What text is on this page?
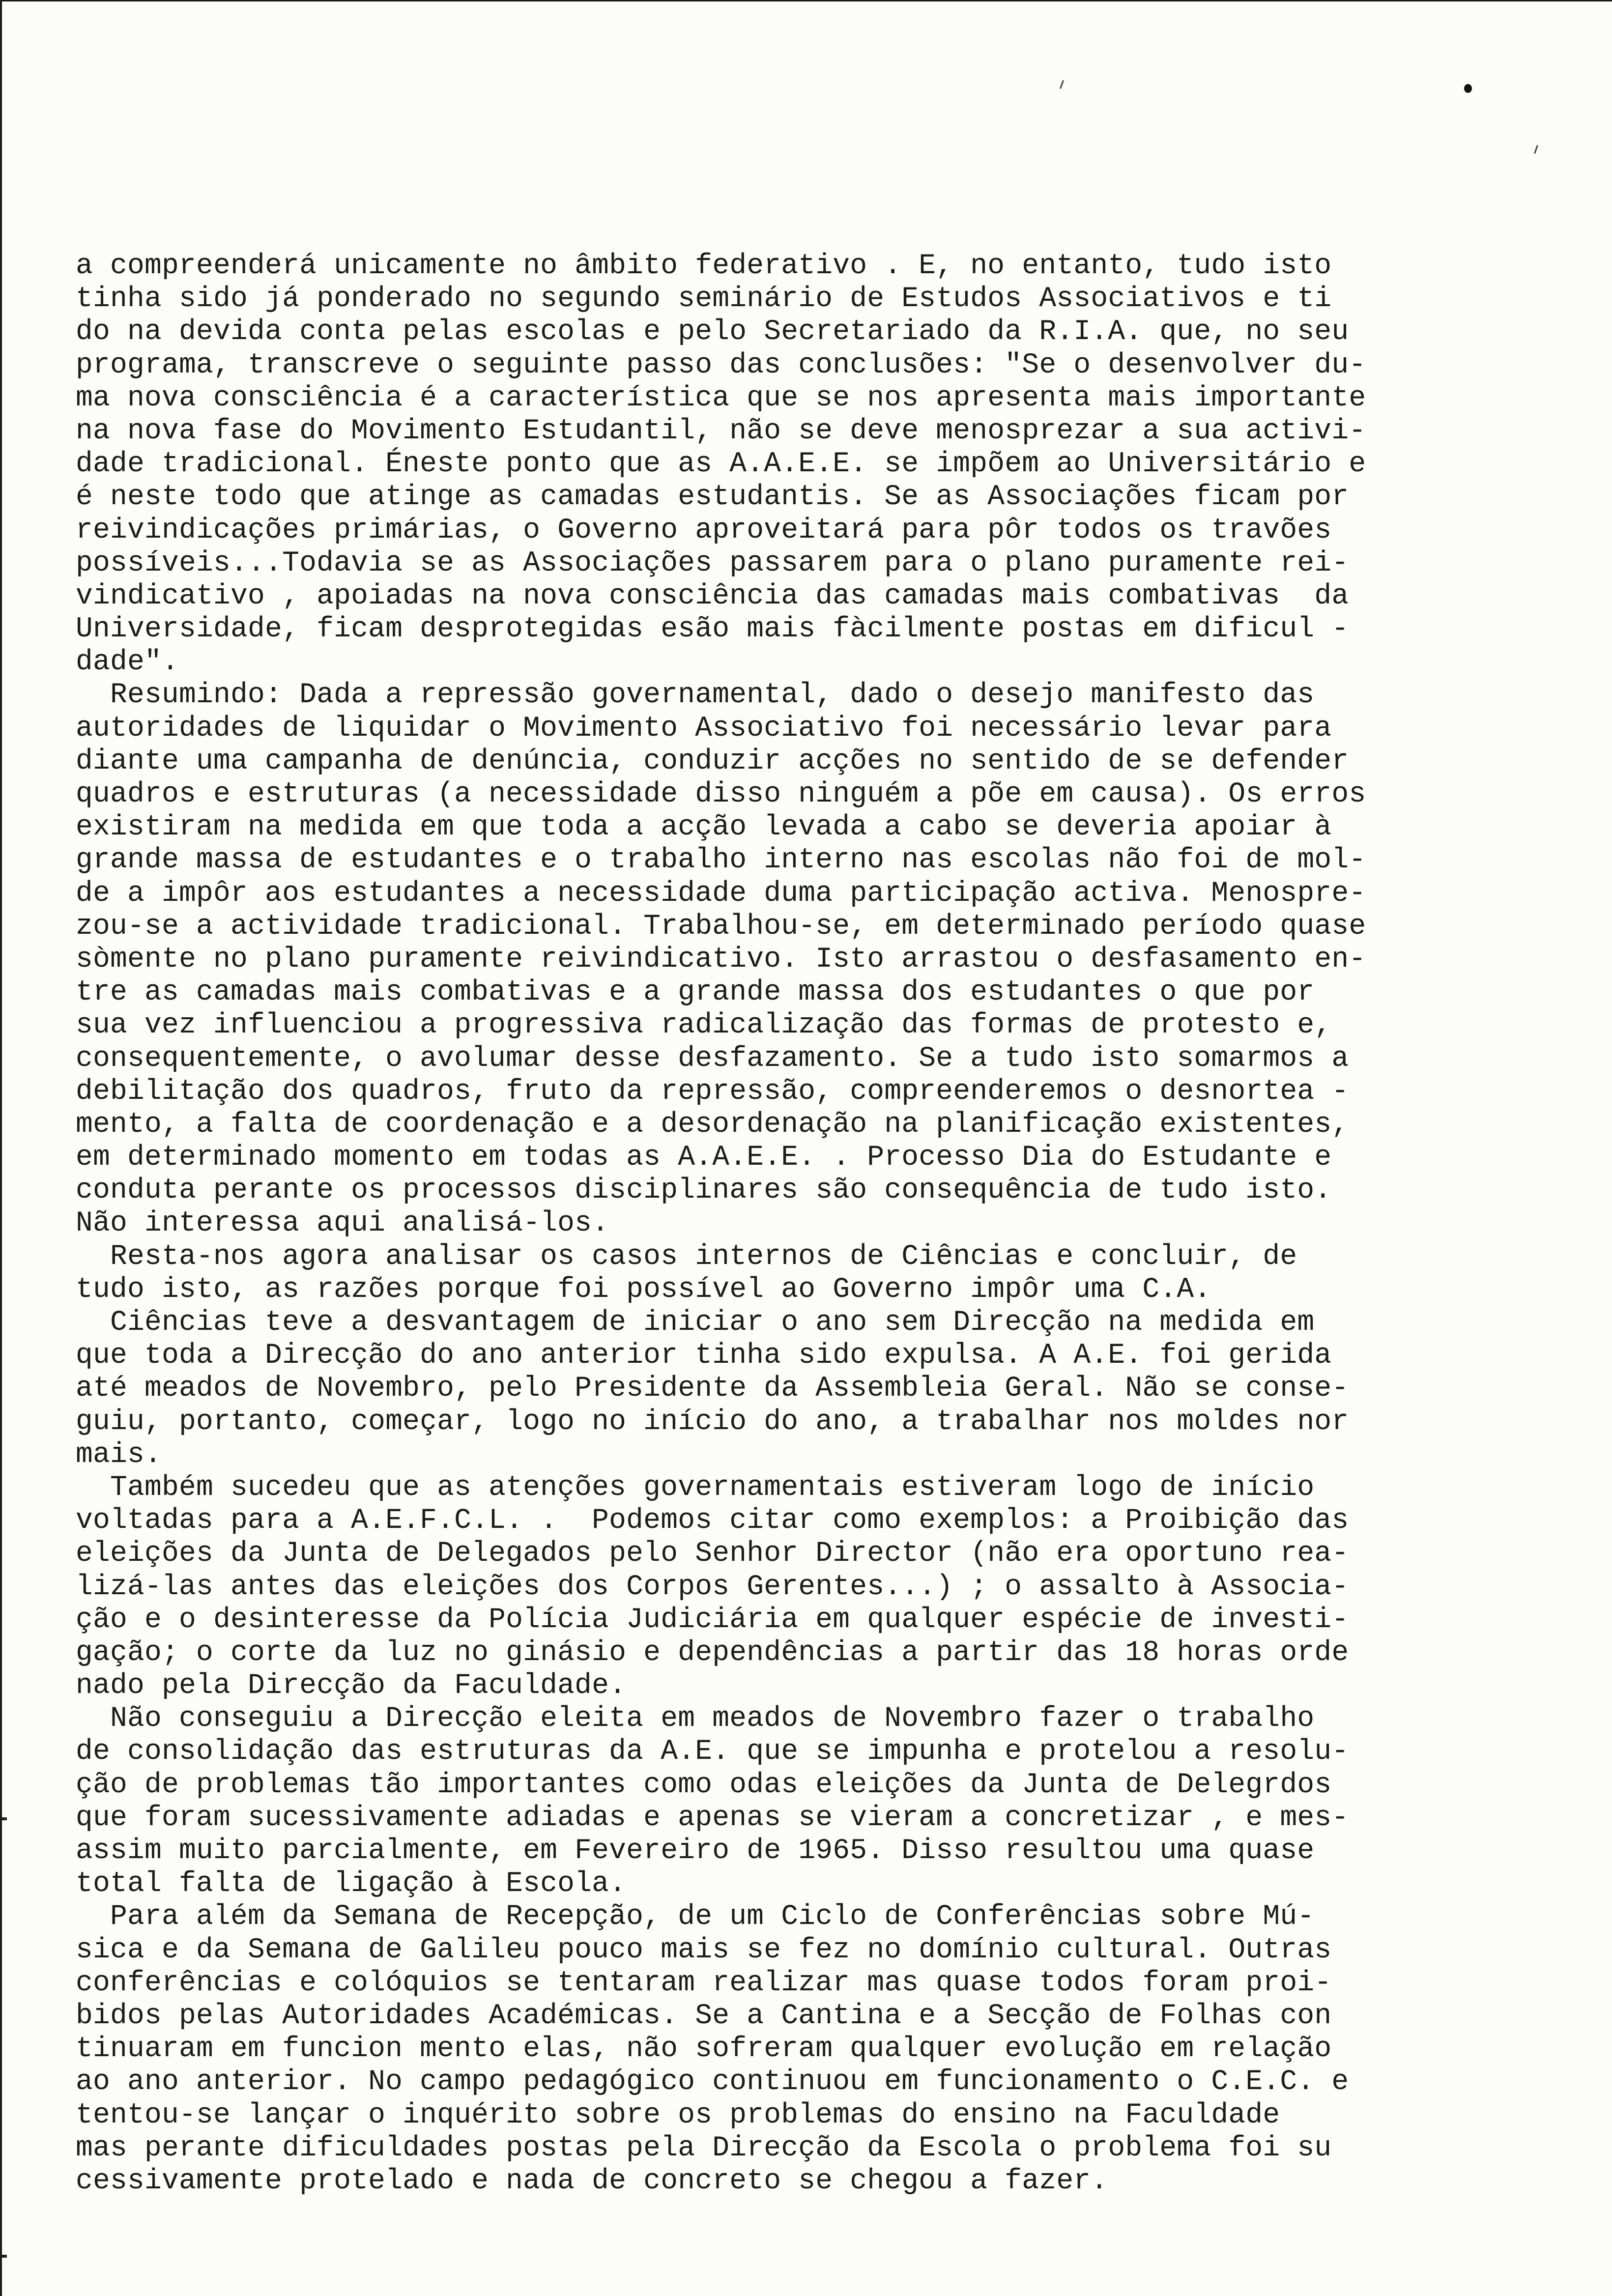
a compreenderá unicamente no âmbito federativo . E, no entanto, tudo isto
tinha sido já ponderado no segundo seminário de Estudos Associativos e ti
do na devida conta pelas escolas e pelo Secretariado da R.I.A. que, no seu
programa, transcreve o seguinte passo das conclusões: "Se o desenvolver du-
ma nova consciência é a característica que se nos apresenta mais importante
na nova fase do Movimento Estudantil, não se deve menosprezar a sua activi-
dade tradicional. Éneste ponto que as A.A.E.E. se impõem ao Universitário e
é neste todo que atinge as camadas estudantis. Se as Associações ficam por
reivindicações primárias, o Governo aproveitará para pôr todos os travões
possíveis...Todavia se as Associações passarem para o plano puramente rei-
vindicativo , apoiadas na nova consciência das camadas mais combativas  da
Universidade, ficam desprotegidas esão mais fàcilmente postas em dificul -
dade".
Resumindo: Dada a repressão governamental, dado o desejo manifesto das
autoridades de liquidar o Movimento Associativo foi necessário levar para
diante uma campanha de denúncia, conduzir acções no sentido de se defender
quadros e estruturas (a necessidade disso ninguém a põe em causa). Os erros
existiram na medida em que toda a acção levada a cabo se deveria apoiar à
grande massa de estudantes e o trabalho interno nas escolas não foi de mol-
de a impôr aos estudantes a necessidade duma participação activa. Menospre-
zou-se a actividade tradicional. Trabalhou-se, em determinado período quase
sòmente no plano puramente reivindicativo. Isto arrastou o desfasamento en-
tre as camadas mais combativas e a grande massa dos estudantes o que por
sua vez influenciou a progressiva radicalização das formas de protesto e,
consequentemente, o avolumar desse desfazamento. Se a tudo isto somarmos a
debilitação dos quadros, fruto da repressão, compreenderemos o desnortea -
mento, a falta de coordenação e a desordenação na planificação existentes,
em determinado momento em todas as A.A.E.E. . Processo Dia do Estudante e
conduta perante os processos disciplinares são consequência de tudo isto.
Não interessa aqui analisá-los.
Resta-nos agora analisar os casos internos de Ciências e concluir, de
tudo isto, as razões porque foi possível ao Governo impôr uma C.A.
Ciências teve a desvantagem de iniciar o ano sem Direcção na medida em
que toda a Direcção do ano anterior tinha sido expulsa. A A.E. foi gerida
até meados de Novembro, pelo Presidente da Assembleia Geral. Não se conse-
guiu, portanto, começar, logo no início do ano, a trabalhar nos moldes nor
mais.
Também sucedeu que as atenções governamentais estiveram logo de início
voltadas para a A.E.F.C.L. .  Podemos citar como exemplos: a Proibição das
eleições da Junta de Delegados pelo Senhor Director (não era oportuno rea-
lizá-las antes das eleições dos Corpos Gerentes...) ; o assalto à Associa-
ção e o desinteresse da Polícia Judiciária em qualquer espécie de investi-
gação; o corte da luz no ginásio e dependências a partir das 18 horas orde
nado pela Direcção da Faculdade.
Não conseguiu a Direcção eleita em meados de Novembro fazer o trabalho
de consolidação das estruturas da A.E. que se impunha e protelou a resolu-
ção de problemas tão importantes como odas eleições da Junta de Delegrdos
que foram sucessivamente adiadas e apenas se vieram a concretizar , e mes-
assim muito parcialmente, em Fevereiro de 1965. Disso resultou uma quase
total falta de ligação à Escola.
Para além da Semana de Recepção, de um Ciclo de Conferências sobre Mú-
sica e da Semana de Galileu pouco mais se fez no domínio cultural. Outras
conferências e colóquios se tentaram realizar mas quase todos foram proi-
bidos pelas Autoridades Académicas. Se a Cantina e a Secção de Folhas con
tinuaram em funcion mento elas, não sofreram qualquer evolução em relação
ao ano anterior. No campo pedagógico continuou em funcionamento o C.E.C. e
tentou-se lançar o inquérito sobre os problemas do ensino na Faculdade
mas perante dificuldades postas pela Direcção da Escola o problema foi su
cessivamente protelado e nada de concreto se chegou a fazer.
